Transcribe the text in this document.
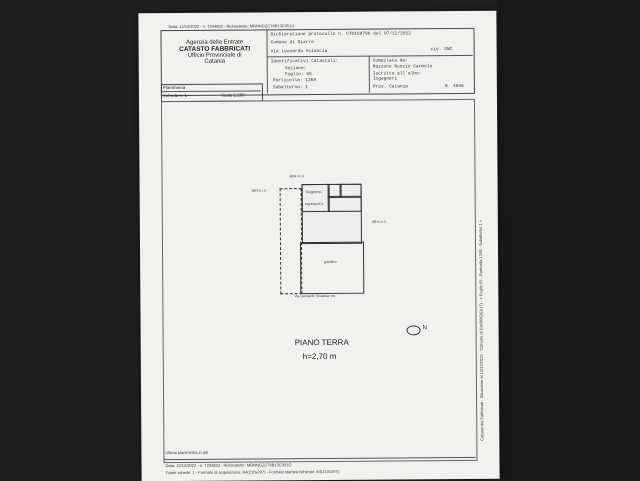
Data: 12/12/2022 - n. T294833 - Richiedente: MRNNGZC76B13C351O
Agenzia delle Entrate
CATASTO FABBRICATI
Ufficio Provinciale di
Catania
Dichiarazione protocollo n. CT0168796 del 07/12/2022
Comune di Giarre
Via Leonardo Sciascia	civ. SNC
Identificativi Catastali:
Sezione:
Foglio: 65
Particella: 1268
Subalterno: 1
Compilata da:
Mazzone Nunzio Carmelo
Iscritto all'albo:
Ingegneri
Prov. Catania	N. 4046
Planimetria
Scheda n. 1	Scala 1:200
altra u.i.u.
altra u.i.u.
altra u.i.u.
Ingresso/Co
Soggiorno
giardino
Via Leonardo Sciascia snc
PIANO TERRA
h=2,70 m
N
Ultima planimetria in atti
Data: 12/12/2022 - n. T294833 - Richiedente: MRNNGZC76B13C351O
Totale schede: 1 - Formato di acquisizione: A4(210x297) - Formato stampa richiesto: A4(210x297)
Catasto dei Fabbricati - Situazione al 12/12/2022 - Comune di GIARRE(E017) - < Foglio 65 - Particella 1268 - Subalterno 1 >
